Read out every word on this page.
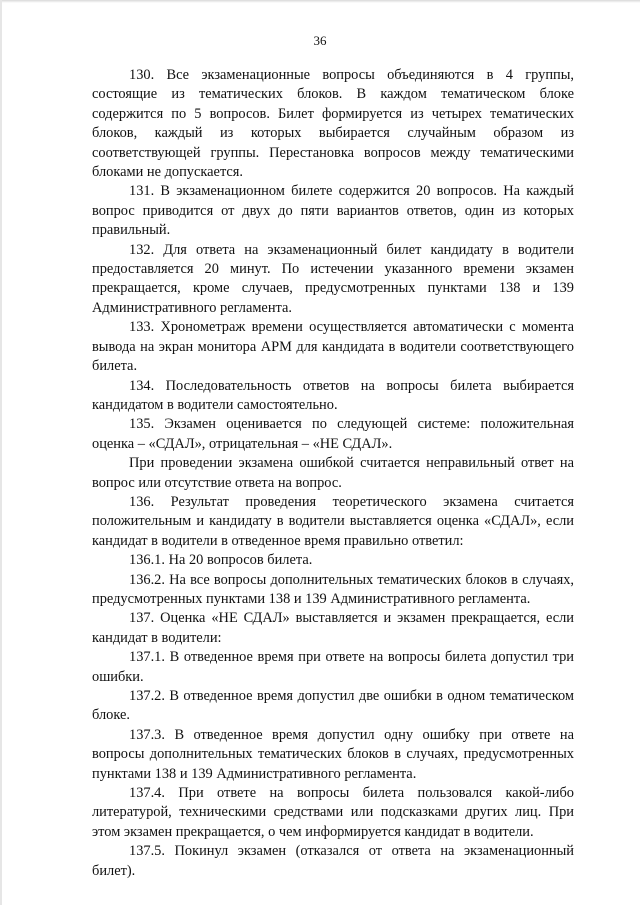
36

130. Все экзаменационные вопросы объединяются в 4 группы, состоящие из тематических блоков. В каждом тематическом блоке содержится по 5 вопросов. Билет формируется из четырех тематических блоков, каждый из которых выбирается случайным образом из соответствующей группы. Перестановка вопросов между тематическими блоками не допускается.

131. В экзаменационном билете содержится 20 вопросов. На каждый вопрос приводится от двух до пяти вариантов ответов, один из которых правильный.

132. Для ответа на экзаменационный билет кандидату в водители предоставляется 20 минут. По истечении указанного времени экзамен прекращается, кроме случаев, предусмотренных пунктами 138 и 139 Административного регламента.

133. Хронометраж времени осуществляется автоматически с момента вывода на экран монитора АРМ для кандидата в водители соответствующего билета.

134. Последовательность ответов на вопросы билета выбирается кандидатом в водители самостоятельно.

135. Экзамен оценивается по следующей системе: положительная оценка – «СДАЛ», отрицательная – «НЕ СДАЛ».

При проведении экзамена ошибкой считается неправильный ответ на вопрос или отсутствие ответа на вопрос.

136. Результат проведения теоретического экзамена считается положительным и кандидату в водители выставляется оценка «СДАЛ», если кандидат в водители в отведенное время правильно ответил:

136.1. На 20 вопросов билета.

136.2. На все вопросы дополнительных тематических блоков в случаях, предусмотренных пунктами 138 и 139 Административного регламента.

137. Оценка «НЕ СДАЛ» выставляется и экзамен прекращается, если кандидат в водители:

137.1. В отведенное время при ответе на вопросы билета допустил три ошибки.

137.2. В отведенное время допустил две ошибки в одном тематическом блоке.

137.3. В отведенное время допустил одну ошибку при ответе на вопросы дополнительных тематических блоков в случаях, предусмотренных пунктами 138 и 139 Административного регламента.

137.4. При ответе на вопросы билета пользовался какой-либо литературой, техническими средствами или подсказками других лиц. При этом экзамен прекращается, о чем информируется кандидат в водители.

137.5. Покинул экзамен (отказался от ответа на экзаменационный билет).
